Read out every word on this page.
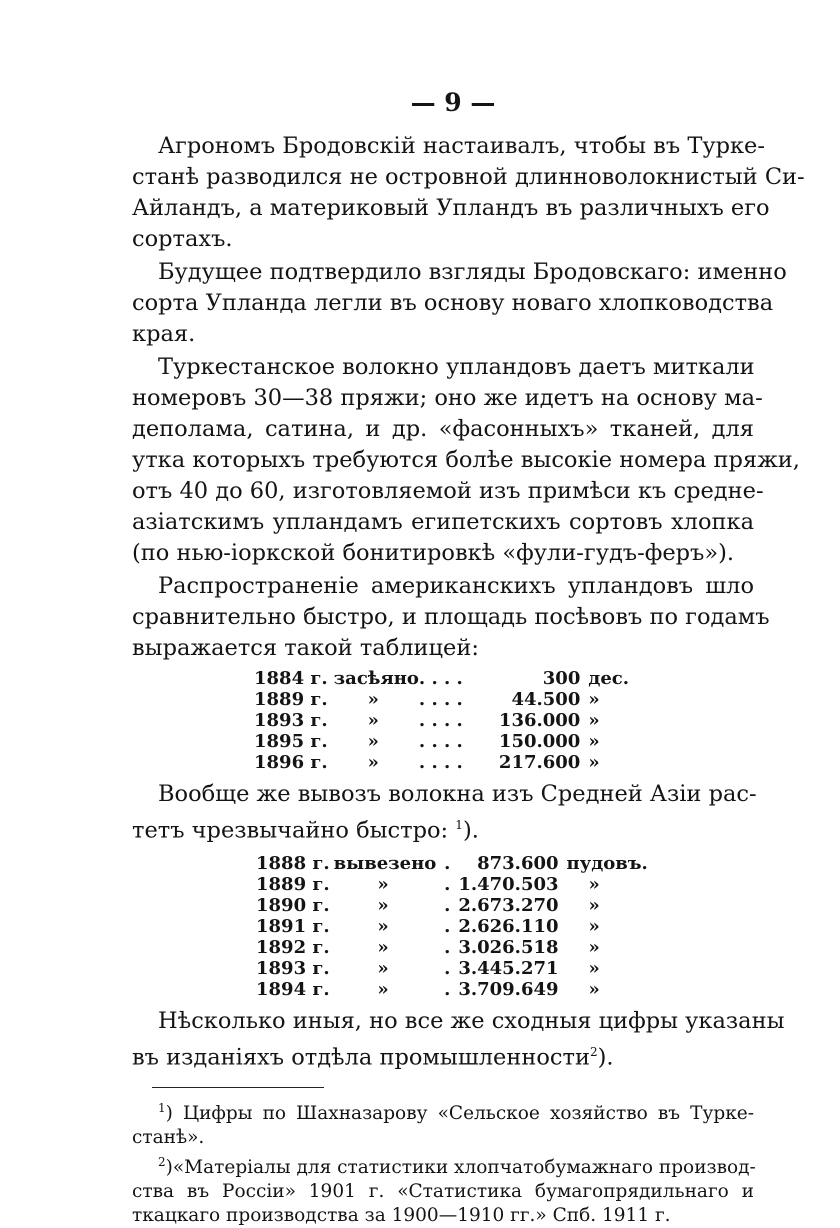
— 9 —
Агрономъ Бродовскій настаивалъ, чтобы въ Турке-
станѣ разводился не островной длинноволокнистый Си-
Айландъ, а материковый Упландъ въ различныхъ его
сортахъ.
Будущее подтвердило взгляды Бродовскаго: именно
сорта Упланда легли въ основу новаго хлопководства
края.
Туркестанское волокно упландовъ даетъ миткали
номеровъ 30—38 пряжи; оно же идетъ на основу ма-
деполама, сатина, и др. «фасонныхъ» тканей, для
утка которыхъ требуются болѣе высокіе номера пряжи,
отъ 40 до 60, изготовляемой изъ примѣси къ средне-
азіатскимъ упландамъ египетскихъ сортовъ хлопка
(по нью-іоркской бонитировкѣ «фули-гудъ-феръ»).
Распространеніе американскихъ упландовъ шло
сравнительно быстро, и площадь посѣвовъ по годамъ
выражается такой таблицей:
1884 г.	засѣяно	. . . .	300	дес.
1889 г.	»	. . . .	44.500	»
1893 г.	»	. . . .	136.000	»
1895 г.	»	. . . .	150.000	»
1896 г.	»	. . . .	217.600	»
Вообще же вывозъ волокна изъ Средней Азіи рас-
тетъ чрезвычайно быстро: $^1$).
1888 г.	вывезено	.	873.600	пудовъ.
1889 г.	»	.	1.470.503	»
1890 г.	»	.	2.673.270	»
1891 г.	»	.	2.626.110	»
1892 г.	»	.	3.026.518	»
1893 г.	»	.	3.445.271	»
1894 г.	»	.	3.709.649	»
Нѣсколько иныя, но все же сходныя цифры указаны
въ изданіяхъ отдѣла промышленности$^2$).
$^1$) Цифры по Шахназарову «Сельское хозяйство въ Турке-
станѣ».
$^2$)«Матеріалы для статистики хлопчатобумажнаго производ-
ства въ Россіи» 1901 г. «Статистика бумагопрядильнаго и
ткацкаго производства за 1900—1910 гг.» Спб. 1911 г.
